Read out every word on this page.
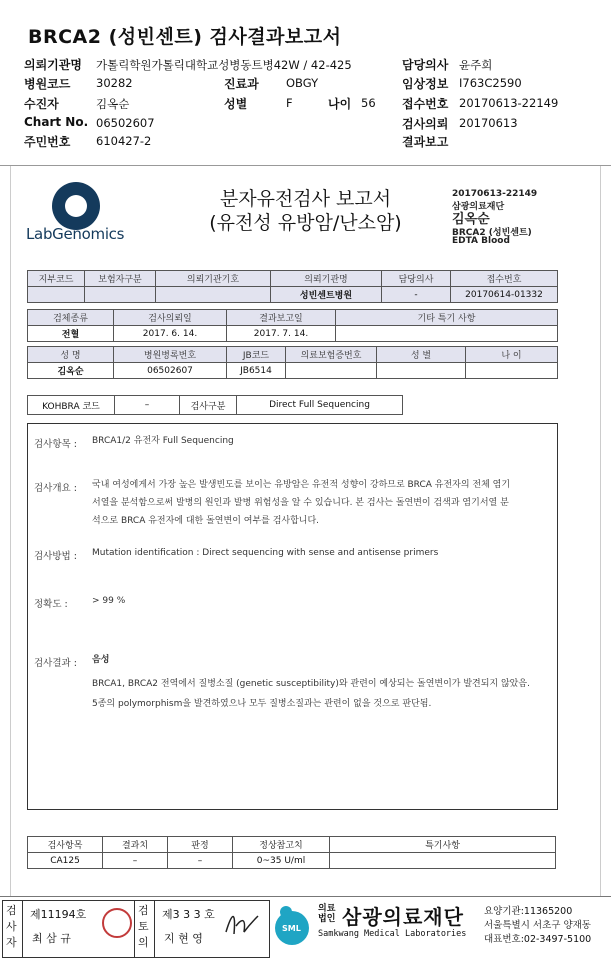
BRCA2 (성빈센트) 검사결과보고서
의뢰기관명 가톨릭학원가톨릭대학교성병동트병42W / 42-425
병원코드 30282
수진자	김옥순
Chart No. 06502607
주민번호 610427-2
진료과 OBGY
성별	F	나이 56
담당의사 윤주희
임상정보 I763C2590
접수번호 20170613-22149
검사의뢰 20170613
결과보고
LabGenomics
분자유전검사 보고서
(유전성 유방암/난소암)
20170613-22149
삼광의료재단
김옥순
BRCA2 (성빈센트)
EDTA Blood
지부코드	보험자구분	의뢰기관기호	의뢰기관명	담당의사	접수번호
			성빈센트병원	-	20170614-01332
검체종류	검사의뢰일	결과보고일	기타 특기 사항
전혈	2017. 6. 14.	2017. 7. 14.	
성 명	병원병록번호	JB코드	의료보험증번호	성 별	나 이
김옥순	06502607	JB6514			
KOHBRA 코드	–	검사구분	Direct Full Sequencing
검사항목 : BRCA1/2 유전자 Full Sequencing
검사개요 : 국내 여성에게서 가장 높은 발생빈도를 보이는 유방암은 유전적 성향이 강하므로 BRCA 유전자의 전체 염기
서열을 분석함으로써 발병의 원인과 발병 위험성을 알 수 있습니다. 본 검사는 돌연변이 검색과 염기서열 분
석으로 BRCA 유전자에 대한 돌연변이 여부를 검사합니다.
검사방법 : Mutation identification : Direct sequencing with sense and antisense primers
정확도 :	> 99 %
검사결과 : 음성
BRCA1, BRCA2 전역에서 질병소질 (genetic susceptibility)와 관련이 예상되는 돌연변이가 발견되지 않았음.
5종의 polymorphism을 발견하였으나 모두 질병소질과는 관련이 없을 것으로 판단됨.
검사항목	결과치	판정	정상참고치	특기사항
CA125	–	–	0~35 U/ml	
검
사
자
제11194호
최 삼 규
검
토
의
제3 3 3 호
지 현 영
SML
의료
법인 삼광의료재단
Samkwang Medical Laboratories
요양기관:11365200
서울특별시 서초구 양재동
대표번호:02-3497-5100
